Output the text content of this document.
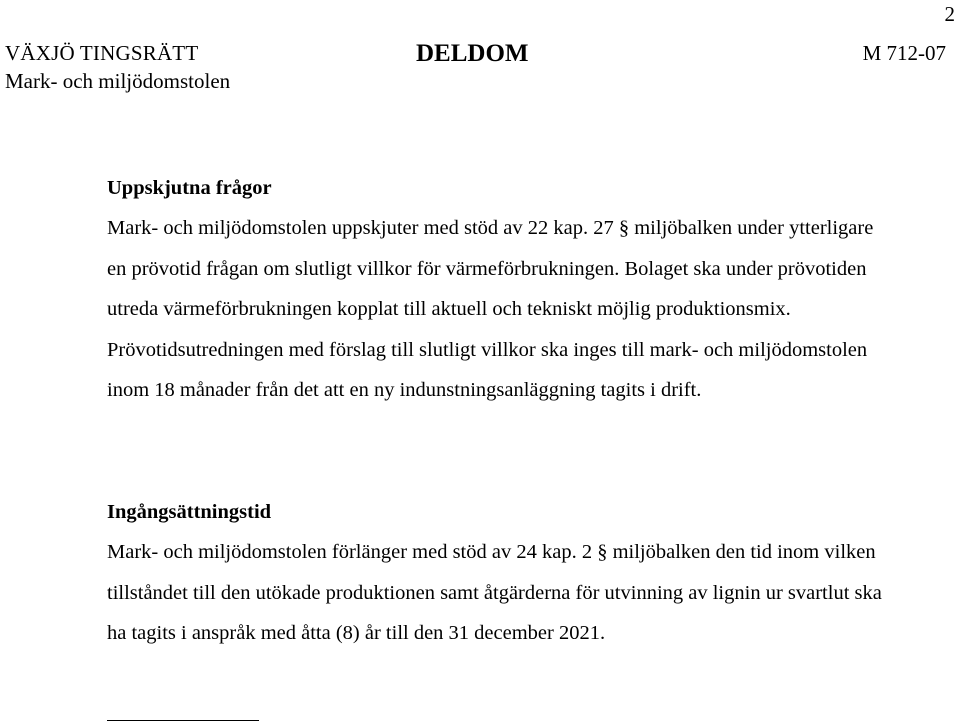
2
VÄXJÖ TINGSRÄTT
Mark- och miljödomstolen
DELDOM	M 712-07
Uppskjutna frågor
Mark- och miljödomstolen uppskjuter med stöd av 22 kap. 27 § miljöbalken under ytterligare en prövotid frågan om slutligt villkor för värmeförbrukningen. Bolaget ska under prövotiden utreda värmeförbrukningen kopplat till aktuell och tekniskt möjlig produktionsmix. Prövotidsutredningen med förslag till slutligt villkor ska inges till mark- och miljödomstolen inom 18 månader från det att en ny indunstningsanläggning tagits i drift.
Ingångsättningstid
Mark- och miljödomstolen förlänger med stöd av 24 kap. 2 § miljöbalken den tid inom vilken tillståndet till den utökade produktionen samt åtgärderna för utvinning av lignin ur svartlut ska ha tagits i anspråk med åtta (8) år till den 31 december 2021.
